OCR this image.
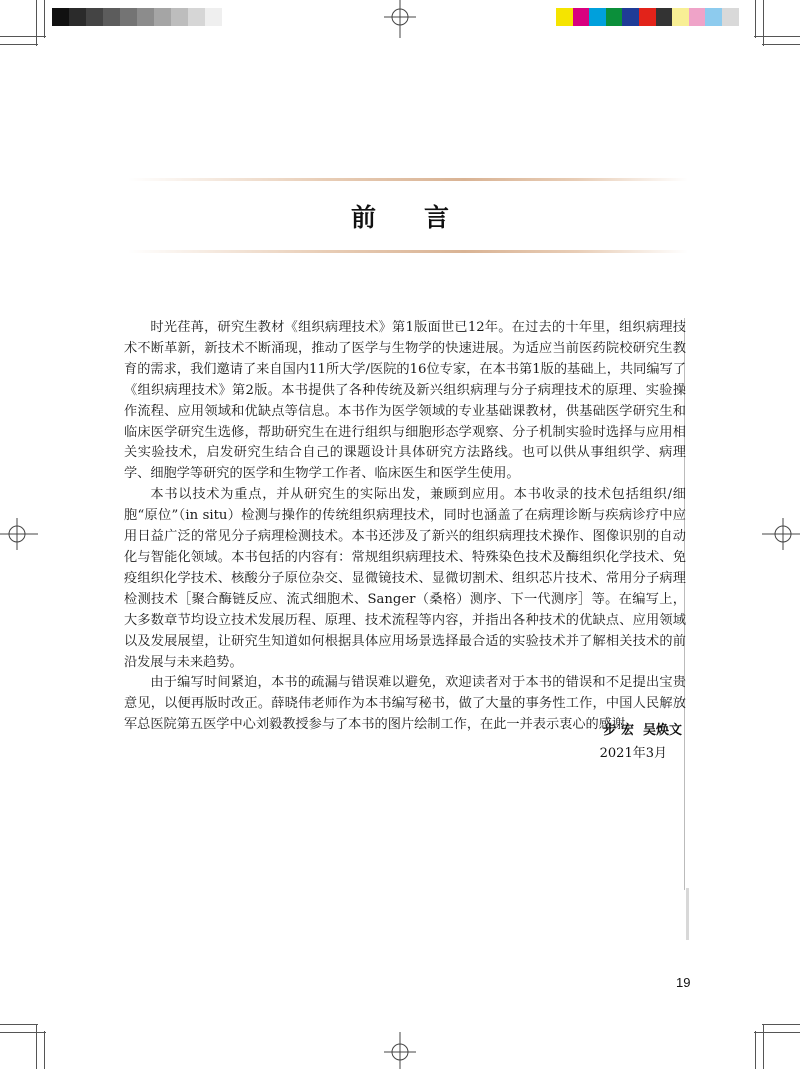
前言

时光荏苒，研究生教材《组织病理技术》第1版面世已12年。在过去的十年里，组织病理技术不断革新，新技术不断涌现，推动了医学与生物学的快速进展。为适应当前医药院校研究生教育的需求，我们邀请了来自国内11所大学/医院的16位专家，在本书第1版的基础上，共同编写了《组织病理技术》第2版。本书提供了各种传统及新兴组织病理与分子病理技术的原理、实验操作流程、应用领域和优缺点等信息。本书作为医学领域的专业基础课教材，供基础医学研究生和临床医学研究生选修，帮助研究生在进行组织与细胞形态学观察、分子机制实验时选择与应用相关实验技术，启发研究生结合自己的课题设计具体研究方法路线。也可以供从事组织学、病理学、细胞学等研究的医学和生物学工作者、临床医生和医学生使用。

本书以技术为重点，并从研究生的实际出发，兼顾到应用。本书收录的技术包括组织/细胞“原位”（in situ）检测与操作的传统组织病理技术，同时也涵盖了在病理诊断与疾病诊疗中应用日益广泛的常见分子病理检测技术。本书还涉及了新兴的组织病理技术操作、图像识别的自动化与智能化领域。本书包括的内容有：常规组织病理技术、特殊染色技术及酶组织化学技术、免疫组织化学技术、核酸分子原位杂交、显微镜技术、显微切割术、组织芯片技术、常用分子病理检测技术［聚合酶链反应、流式细胞术、Sanger（桑格）测序、下一代测序］等。在编写上，大多数章节均设立技术发展历程、原理、技术流程等内容，并指出各种技术的优缺点、应用领域以及发展展望，让研究生知道如何根据具体应用场景选择最合适的实验技术并了解相关技术的前沿发展与未来趋势。

由于编写时间紧迫，本书的疏漏与错误难以避免，欢迎读者对于本书的错误和不足提出宝贵意见，以便再版时改正。薛晓伟老师作为本书编写秘书，做了大量的事务性工作，中国人民解放军总医院第五医学中心刘毅教授参与了本书的图片绘制工作，在此一并表示衷心的感谢。

步 宏  吴焕文
2021年3月
19
